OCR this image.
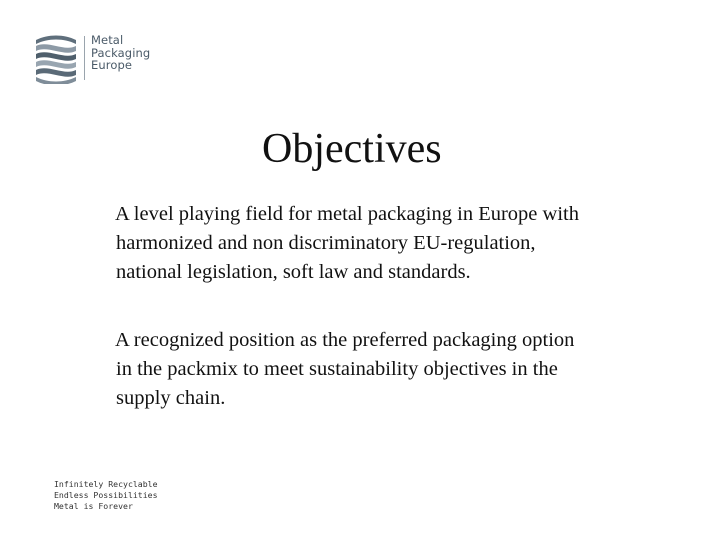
Metal
Packaging
Europe
Objectives

A level playing field for metal packaging in Europe with
harmonized and non discriminatory EU-regulation,
national legislation, soft law and standards.

A recognized position as the preferred packaging option
in the packmix to meet sustainability objectives in the
supply chain.

Infinitely Recyclable
Endless Possibilities
Metal is Forever
